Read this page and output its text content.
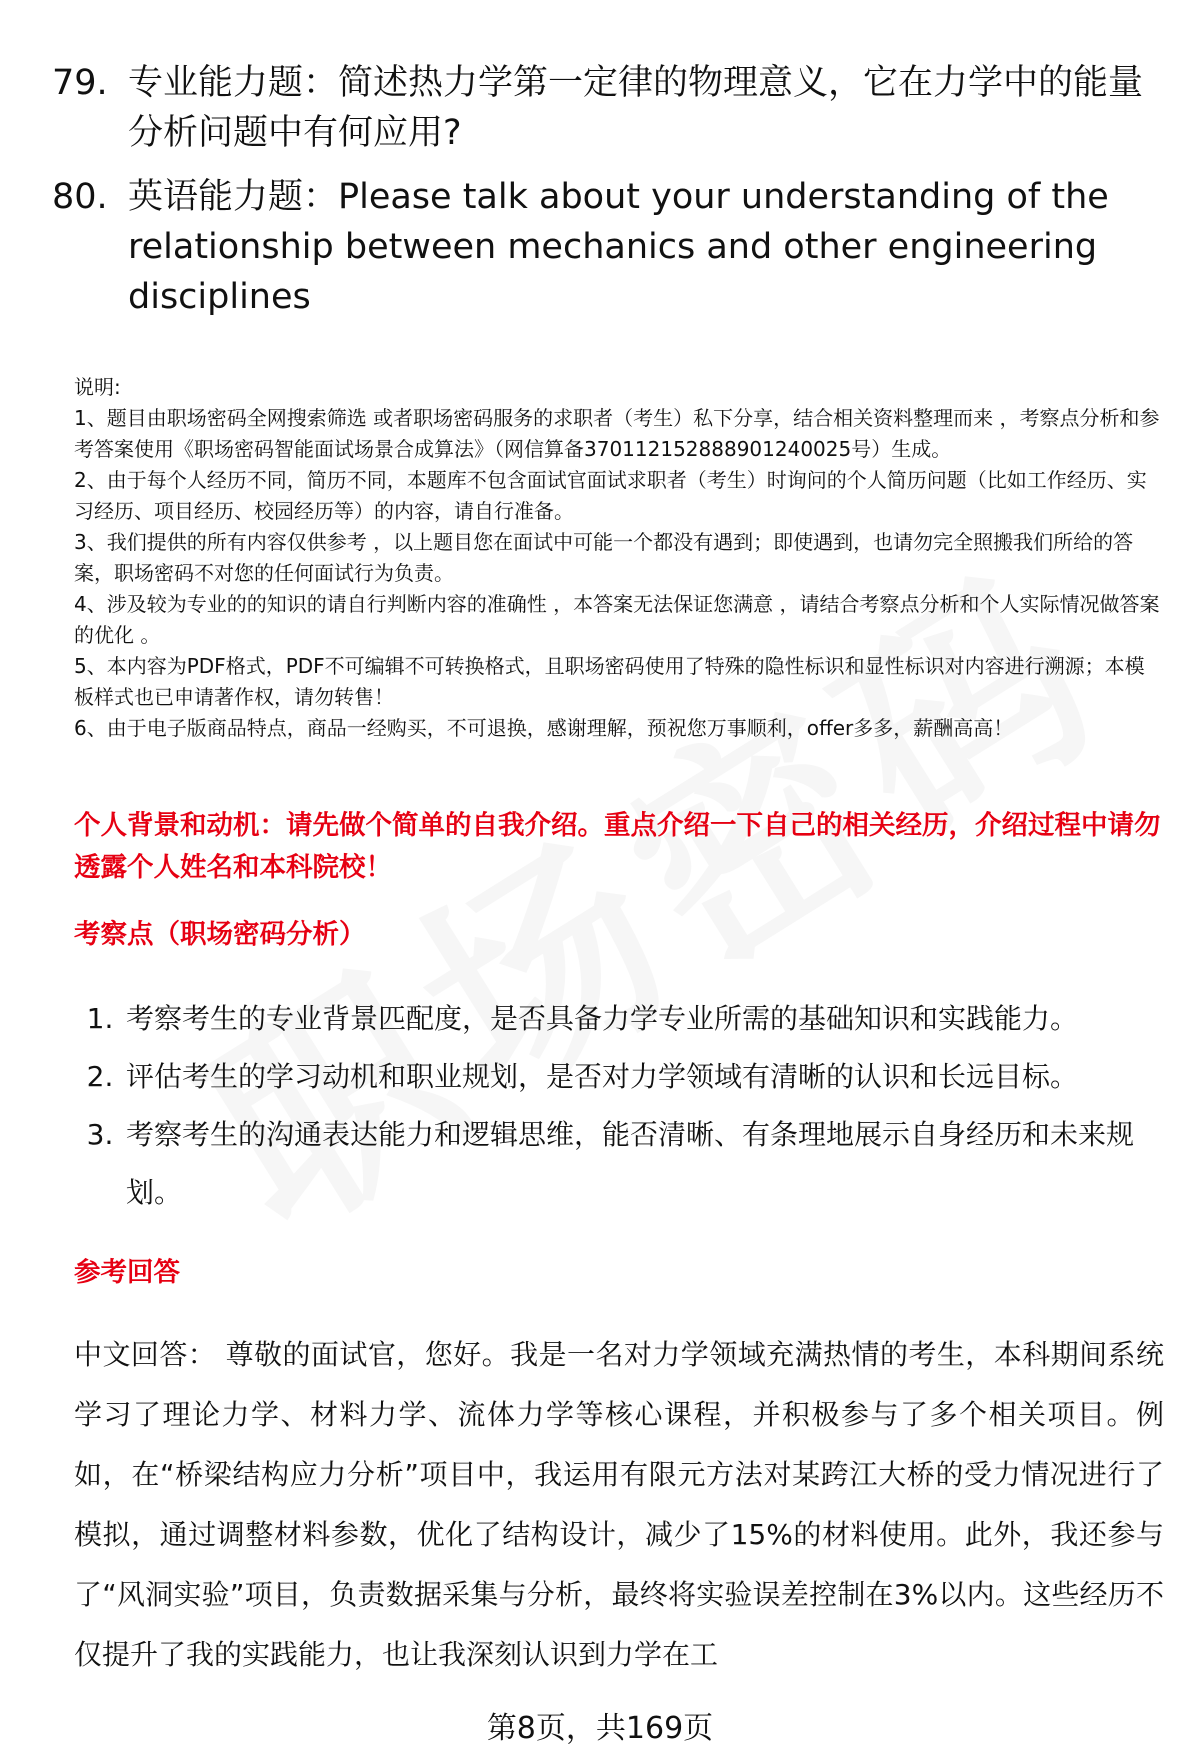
79. 专业能力题：简述热力学第一定律的物理意义，它在力学中的能量分析问题中有何应用?
80. 英语能力题：Please talk about your understanding of the relationship between mechanics and other engineering disciplines

说明:

1、题目由职场密码全网搜索筛选 或者职场密码服务的求职者（考生）私下分享，结合相关资料整理而来 ，考察点分析和参考答案使用《职场密码智能面试场景合成算法》（网信算备370112152888901240025号）生成。

2、由于每个人经历不同，简历不同，本题库不包含面试官面试求职者（考生）时询问的个人简历问题（比如工作经历、实习经历、项目经历、校园经历等）的内容，请自行准备。

3、我们提供的所有内容仅供参考 ，以上题目您在面试中可能一个都没有遇到；即使遇到，也请勿完全照搬我们所给的答案，职场密码不对您的任何面试行为负责。

4、涉及较为专业的的知识的请自行判断内容的准确性 ，本答案无法保证您满意 ，请结合考察点分析和个人实际情况做答案的优化 。

5、本内容为PDF格式，PDF不可编辑不可转换格式，且职场密码使用了特殊的隐性标识和显性标识对内容进行溯源；本模板样式也已申请著作权，请勿转售！

6、由于电子版商品特点，商品一经购买，不可退换，感谢理解，预祝您万事顺利，offer多多，薪酬高高！

个人背景和动机：请先做个简单的自我介绍。重点介绍一下自己的相关经历，介绍过程中请勿透露个人姓名和本科院校！
考察点（职场密码分析）
1. 考察考生的专业背景匹配度，是否具备力学专业所需的基础知识和实践能力。
2. 评估考生的学习动机和职业规划，是否对力学领域有清晰的认识和长远目标。
3. 考察考生的沟通表达能力和逻辑思维，能否清晰、有条理地展示自身经历和未来规划。
参考回答
中文回答： 尊敬的面试官，您好。我是一名对力学领域充满热情的考生，本科期间系统学习了理论力学、材料力学、流体力学等核心课程，并积极参与了多个相关项目。例如，在“桥梁结构应力分析”项目中，我运用有限元方法对某跨江大桥的受力情况进行了模拟，通过调整材料参数，优化了结构设计，减少了15%的材料使用。此外，我还参与了“风洞实验”项目，负责数据采集与分析，最终将实验误差控制在3%以内。这些经历不仅提升了我的实践能力，也让我深刻认识到力学在工
第8页，共169页
